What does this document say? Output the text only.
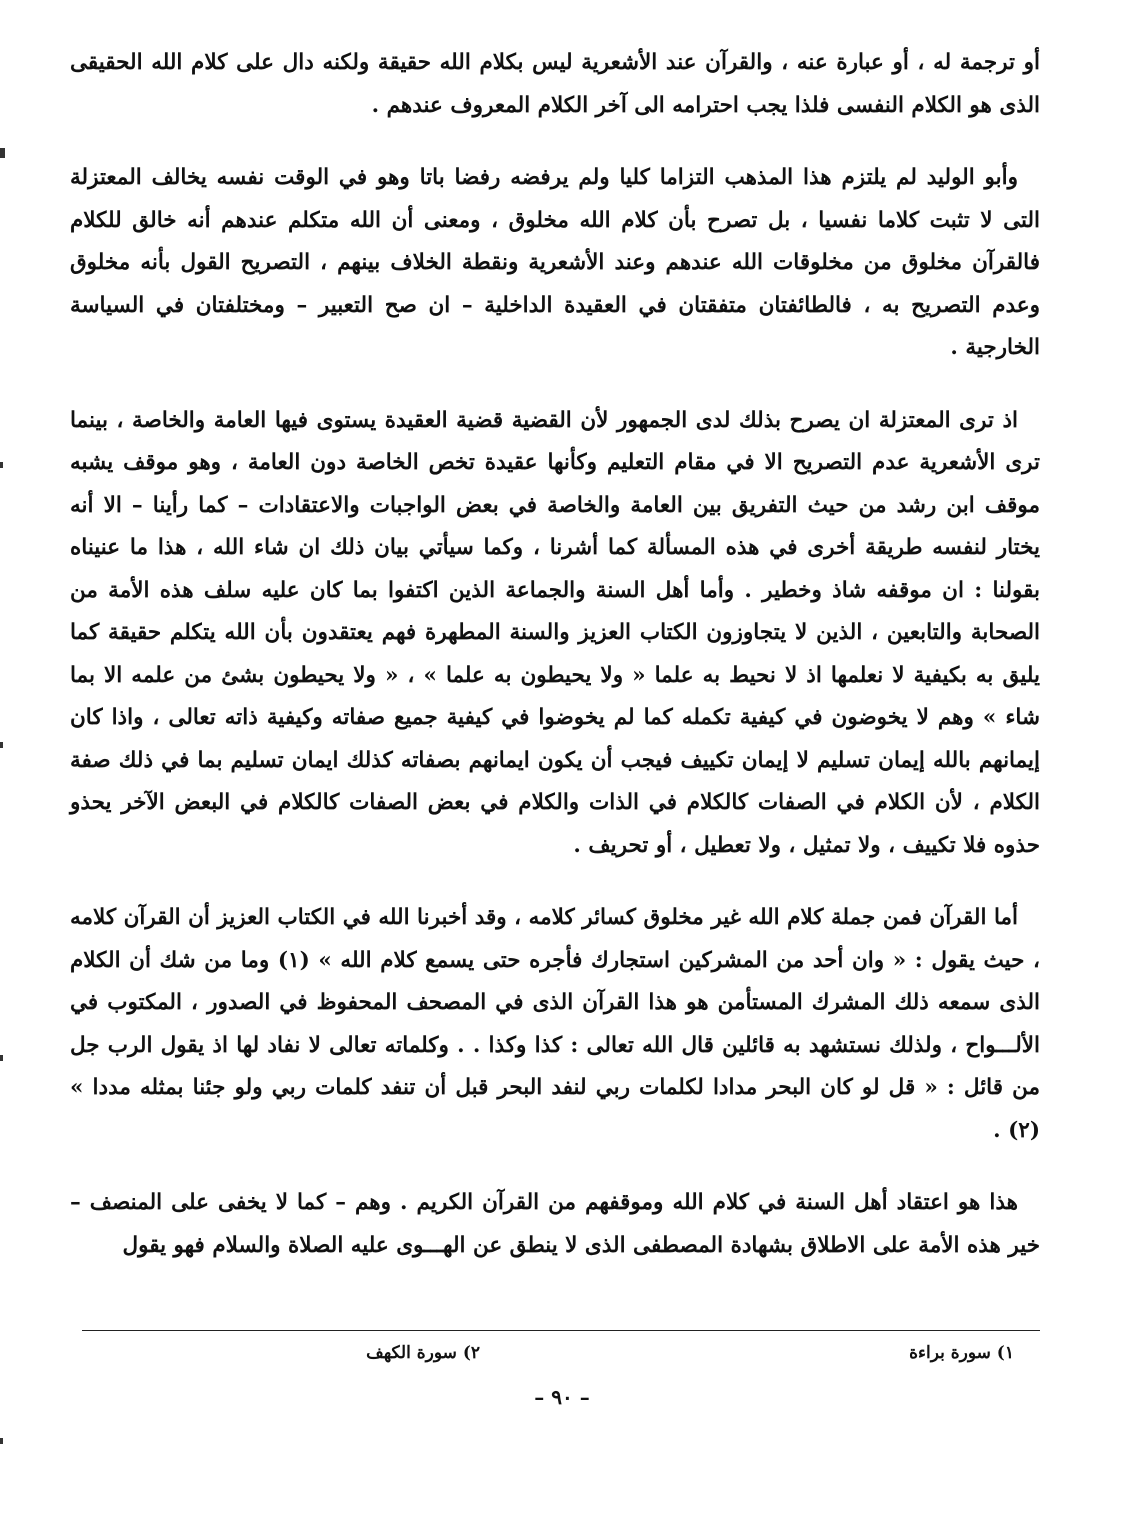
أو ترجمة له ، أو عبارة عنه ، والقرآن عند الأشعرية ليس بكلام الله حقيقة ولكنه دال على كلام الله الحقيقى الذى هو الكلام النفسى فلذا يجب احترامه الى آخر الكلام المعروف عندهم .

وأبو الوليد لم يلتزم هذا المذهب التزاما كليا ولم يرفضه رفضا باتا وهو في الوقت نفسه يخالف المعتزلة التى لا تثبت كلاما نفسيا ، بل تصرح بأن كلام الله مخلوق ، ومعنى أن الله متكلم عندهم أنه خالق للكلام فالقرآن مخلوق من مخلوقات الله عندهم وعند الأشعرية ونقطة الخلاف بينهم ، التصريح القول بأنه مخلوق وعدم التصريح به ، فالطائفتان متفقتان في العقيدة الداخلية – ان صح التعبير – ومختلفتان في السياسة الخارجية .

اذ ترى المعتزلة ان يصرح بذلك لدى الجمهور لأن القضية قضية العقيدة يستوى فيها العامة والخاصة ، بينما ترى الأشعرية عدم التصريح الا في مقام التعليم وكأنها عقيدة تخص الخاصة دون العامة ، وهو موقف يشبه موقف ابن رشد من حيث التفريق بين العامة والخاصة في بعض الواجبات والاعتقادات – كما رأينا – الا أنه يختار لنفسه طريقة أخرى في هذه المسألة كما أشرنا ، وكما سيأتي بيان ذلك ان شاء الله ، هذا ما عنيناه بقولنا : ان موقفه شاذ وخطير . وأما أهل السنة والجماعة الذين اكتفوا بما كان عليه سلف هذه الأمة من الصحابة والتابعين ، الذين لا يتجاوزون الكتاب العزيز والسنة المطهرة فهم يعتقدون بأن الله يتكلم حقيقة كما يليق به بكيفية لا نعلمها اذ لا نحيط به علما « ولا يحيطون به علما » ، « ولا يحيطون بشئ من علمه الا بما شاء » وهم لا يخوضون في كيفية تكمله كما لم يخوضوا في كيفية جميع صفاته وكيفية ذاته تعالى ، واذا كان إيمانهم بالله إيمان تسليم لا إيمان تكييف فيجب أن يكون ايمانهم بصفاته كذلك ايمان تسليم بما في ذلك صفة الكلام ، لأن الكلام في الصفات كالكلام في الذات والكلام في بعض الصفات كالكلام في البعض الآخر يحذو حذوه فلا تكييف ، ولا تمثيل ، ولا تعطيل ، أو تحريف .

أما القرآن فمن جملة كلام الله غير مخلوق كسائر كلامه ، وقد أخبرنا الله في الكتاب العزيز أن القرآن كلامه ، حيث يقول : « وان أحد من المشركين استجارك فأجره حتى يسمع كلام الله » (١) وما من شك أن الكلام الذى سمعه ذلك المشرك المستأمن هو هذا القرآن الذى في المصحف المحفوظ في الصدور ، المكتوب في الألـــواح ، ولذلك نستشهد به قائلين قال الله تعالى : كذا وكذا . . وكلماته تعالى لا نفاد لها اذ يقول الرب جل من قائل : « قل لو كان البحر مدادا لكلمات ربي لنفد البحر قبل أن تنفد كلمات ربي ولو جئنا بمثله مددا » (٢) .

هذا هو اعتقاد أهل السنة في كلام الله وموقفهم من القرآن الكريم . وهم – كما لا يخفى على المنصف – خير هذه الأمة على الاطلاق بشهادة المصطفى الذى لا ينطق عن الهـــوى عليه الصلاة والسلام فهو يقول

١) سورة براءة
٢) سورة الكهف
– ٩٠ –
